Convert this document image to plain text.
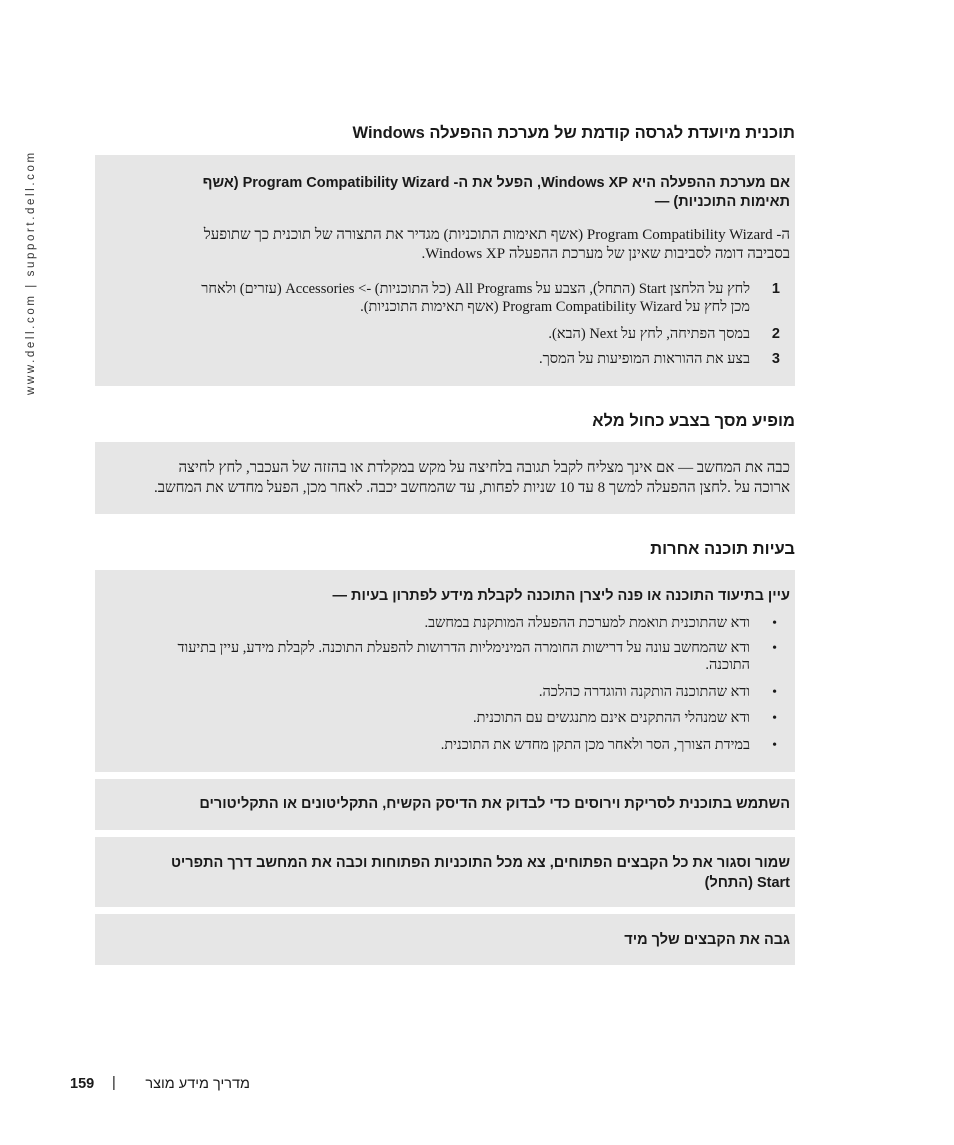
www.dell.com | support.dell.com
תוכנית מיועדת לגרסה קודמת של מערכת ההפעלה Windows
אם מערכת ההפעלה היא Windows XP, הפעל את ה- Program Compatibility Wizard (אשף
תאימות התוכניות) —
ה- Program Compatibility Wizard (אשף תאימות התוכניות) מגדיר את התצורה של תוכנית כך שתופעל
בסביבה דומה לסביבות שאינן של מערכת ההפעלה Windows XP.
1
לחץ על הלחצן Start (התחל), הצבע על All Programs (כל התוכניות) -> Accessories (עזרים) ולאחר
מכן לחץ על Program Compatibility Wizard (אשף תאימות התוכניות).
2
במסך הפתיחה, לחץ על Next (הבא).
3
בצע את ההוראות המופיעות על המסך.
מופיע מסך בצבע כחול מלא
כבה את המחשב — אם אינך מצליח לקבל תגובה בלחיצה על מקש במקלדת או בהזזה של העכבר, לחץ לחיצה
ארוכה על .לחצן ההפעלה למשך 8 עד 10 שניות לפחות, עד שהמחשב יכבה. לאחר מכן, הפעל מחדש את המחשב.
בעיות תוכנה אחרות
עיין בתיעוד התוכנה או פנה ליצרן התוכנה לקבלת מידע לפתרון בעיות —
•
ודא שהתוכנית תואמת למערכת ההפעלה המותקנת במחשב.
•
ודא שהמחשב עונה על דרישות החומרה המינימליות הדרושות להפעלת התוכנה. לקבלת מידע, עיין בתיעוד
התוכנה.
•
ודא שהתוכנה הותקנה והוגדרה כהלכה.
•
ודא שמנהלי ההתקנים אינם מתנגשים עם התוכנית.
•
במידת הצורך, הסר ולאחר מכן התקן מחדש את התוכנית.
השתמש בתוכנית לסריקת וירוסים כדי לבדוק את הדיסק הקשיח, התקליטונים או התקליטורים
שמור וסגור את כל הקבצים הפתוחים, צא מכל התוכניות הפתוחות וכבה את המחשב דרך התפריט
Start (התחל)
גבה את הקבצים שלך מיד
159 |	מדריך מידע מוצר
